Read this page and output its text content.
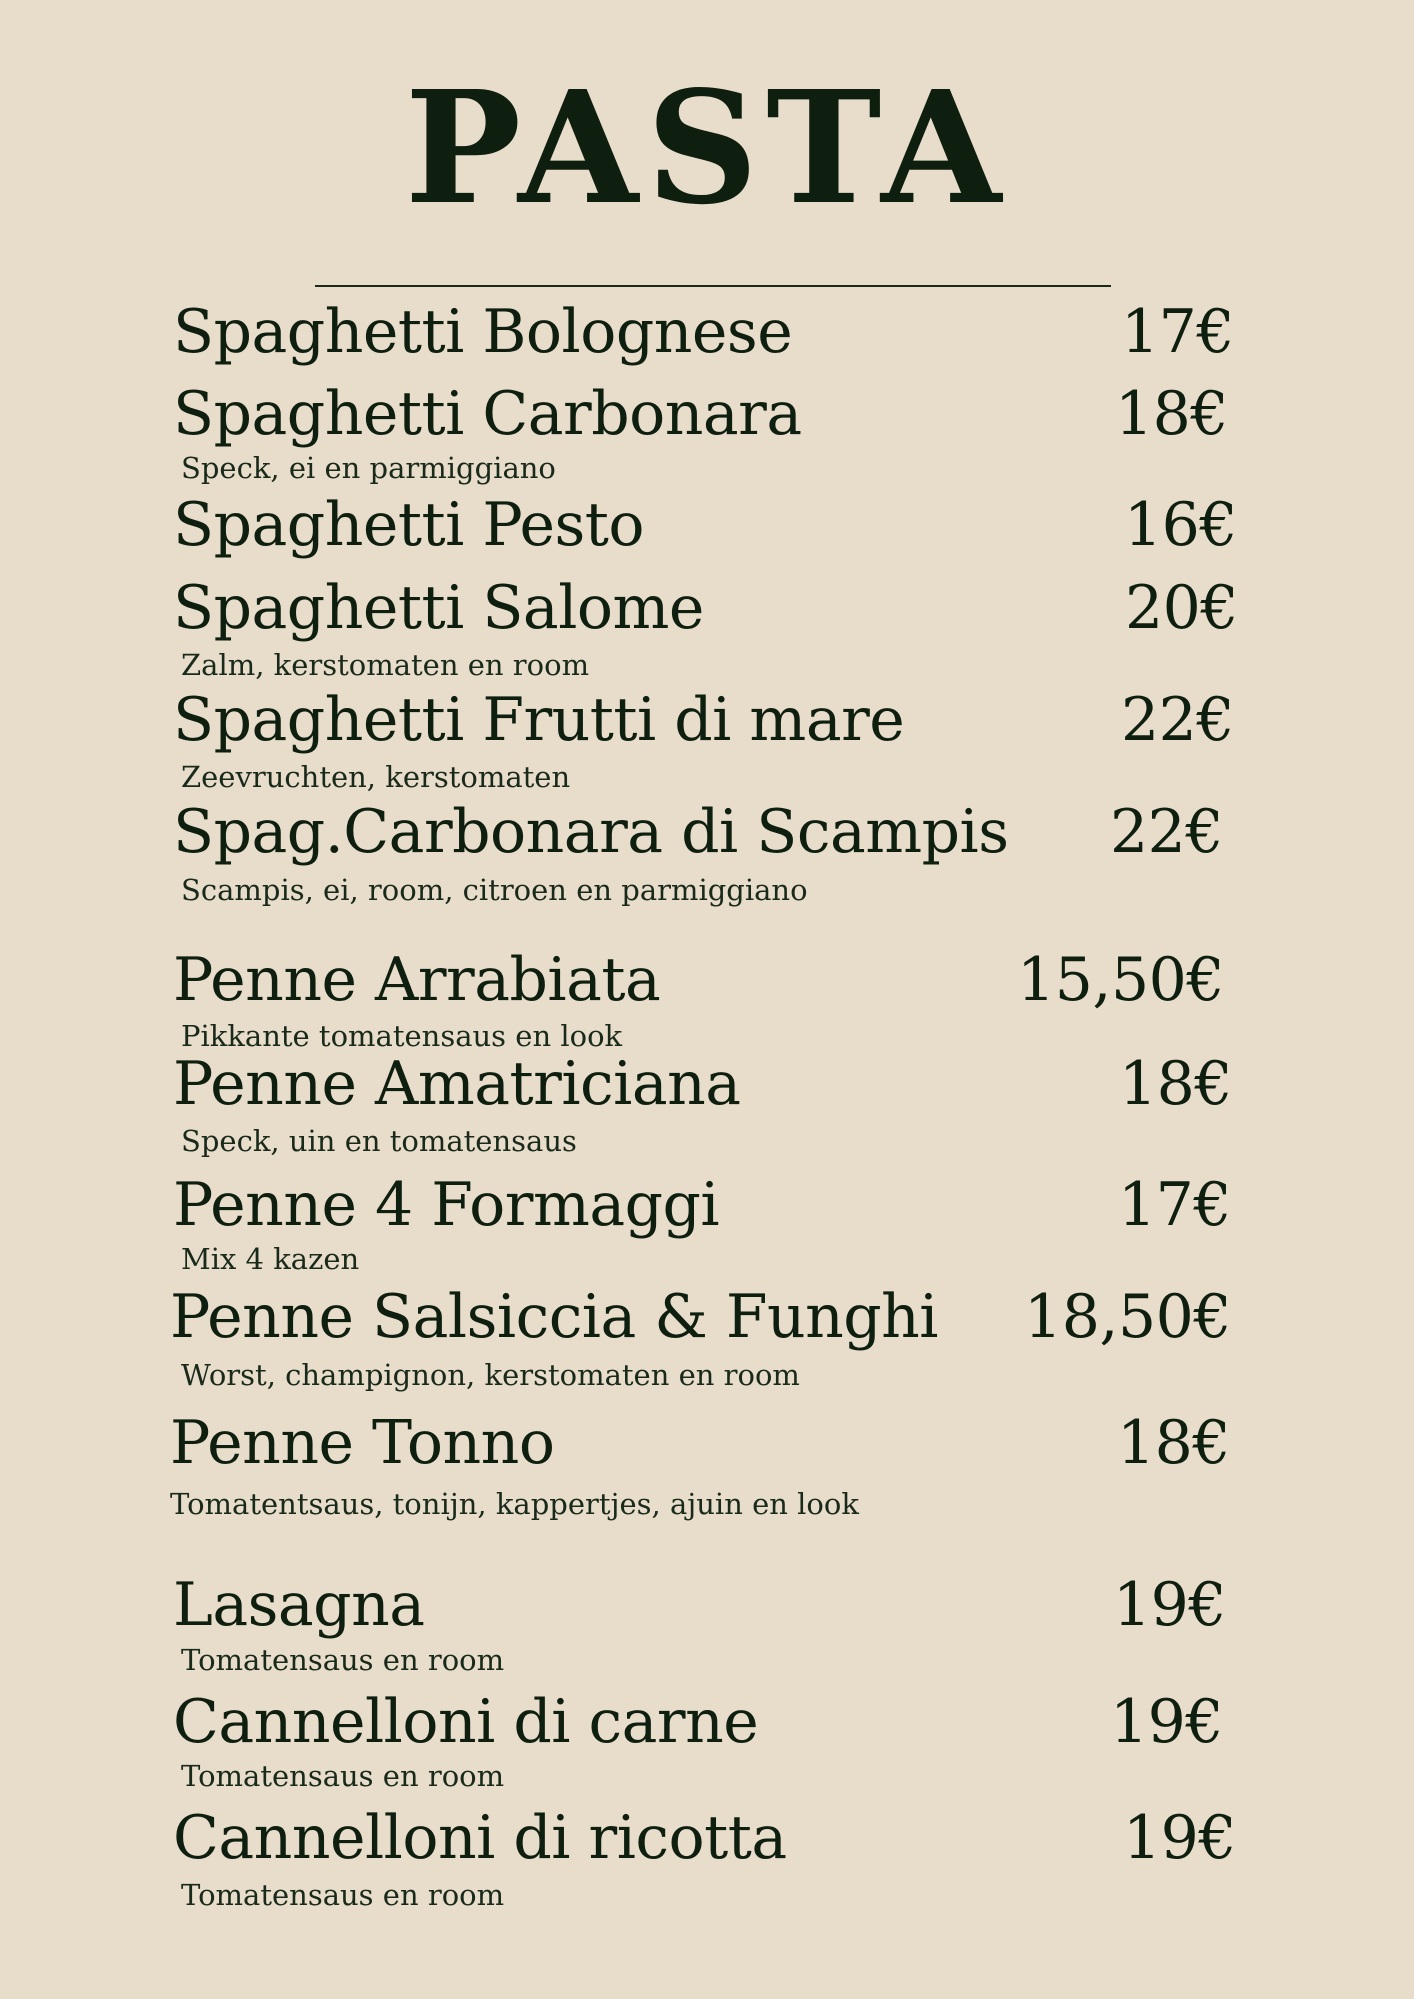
PASTA
Spaghetti Bolognese	17€
Spaghetti Carbonara	18€
Speck, ei en parmiggiano
Spaghetti Pesto	16€
Spaghetti Salome	20€
Zalm, kerstomaten en room
Spaghetti Frutti di mare	22€
Zeevruchten, kerstomaten
Spag.Carbonara di Scampis 22€
Scampis, ei, room, citroen en parmiggiano
Penne Arrabiata	15,50€
Pikkante tomatensaus en look
Penne Amatriciana	18€
Speck, uin en tomatensaus
Penne 4 Formaggi	17€
Mix 4 kazen
Penne Salsiccia & Funghi 18,50€
Worst, champignon, kerstomaten en room
Penne Tonno	18€
Tomatentsaus, tonijn, kappertjes, ajuin en look
Lasagna	19€
Tomatensaus en room
Cannelloni di carne	19€
Tomatensaus en room
Cannelloni di ricotta	19€
Tomatensaus en room
